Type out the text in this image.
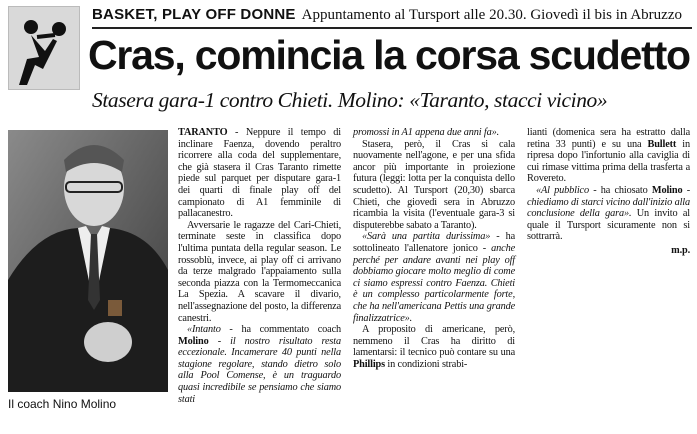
BASKET, PLAY OFF DONNE Appuntamento al Tursport alle 20.30. Giovedì il bis in Abruzzo
Cras, comincia la corsa scudetto
Stasera gara-1 contro Chieti. Molino: «Taranto, stacci vicino»
Il coach Nino Molino

TARANTO - Neppure il tempo di inclinare Faenza, dovendo peraltro ricorrere alla coda del supplementare, che già stasera il Cras Taranto rimette piede sul parquet per disputare gara-1 dei quarti di finale play off del campionato di A1 femminile di pallacanestro.

Avversarie le ragazze del Cari-Chieti, terminate seste in classifica dopo l'ultima puntata della regular season. Le rossoblù, invece, ai play off ci arrivano da terze malgrado l'appaiamento sulla seconda piazza con la Termomeccanica La Spezia. A scavare il divario, nell'assegnazione del posto, la differenza canestri.

«Intanto - ha commentato coach Molino - il nostro risultato resta eccezionale. Incamerare 40 punti nella stagione regolare, stando dietro solo alla Pool Comense, è un traguardo quasi incredibile se pensiamo che siamo stati

promossi in A1 appena due anni fa».

Stasera, però, il Cras si cala nuovamente nell'agone, e per una sfida ancor più importante in proiezione futura (leggi: lotta per la conquista dello scudetto). Al Tursport (20,30) sbarca Chieti, che giovedì sera in Abruzzo ricambia la visita (l'eventuale gara-3 si disputerebbe sabato a Taranto).

«Sarà una partita durissima» - ha sottolineato l'allenatore jonico - anche perché per andare avanti nei play off dobbiamo giocare molto meglio di come ci siamo espressi contro Faenza. Chieti è un complesso particolarmente forte, che ha nell'americana Pettis una grande finalizzatrice».

A proposito di americane, però, nemmeno il Cras ha diritto di lamentarsi: il tecnico può contare su una Phillips in condizioni strabi-

lianti (domenica sera ha estratto dalla retina 33 punti) e su una Bullett in ripresa dopo l'infortunio alla caviglia di cui rimase vittima prima della trasferta a Rovereto.

«Al pubblico - ha chiosato Molino - chiediamo di starci vicino dall'inizio alla conclusione della gara». Un invito al quale il Tursport sicuramente non si sottrarrà.

m.p.
